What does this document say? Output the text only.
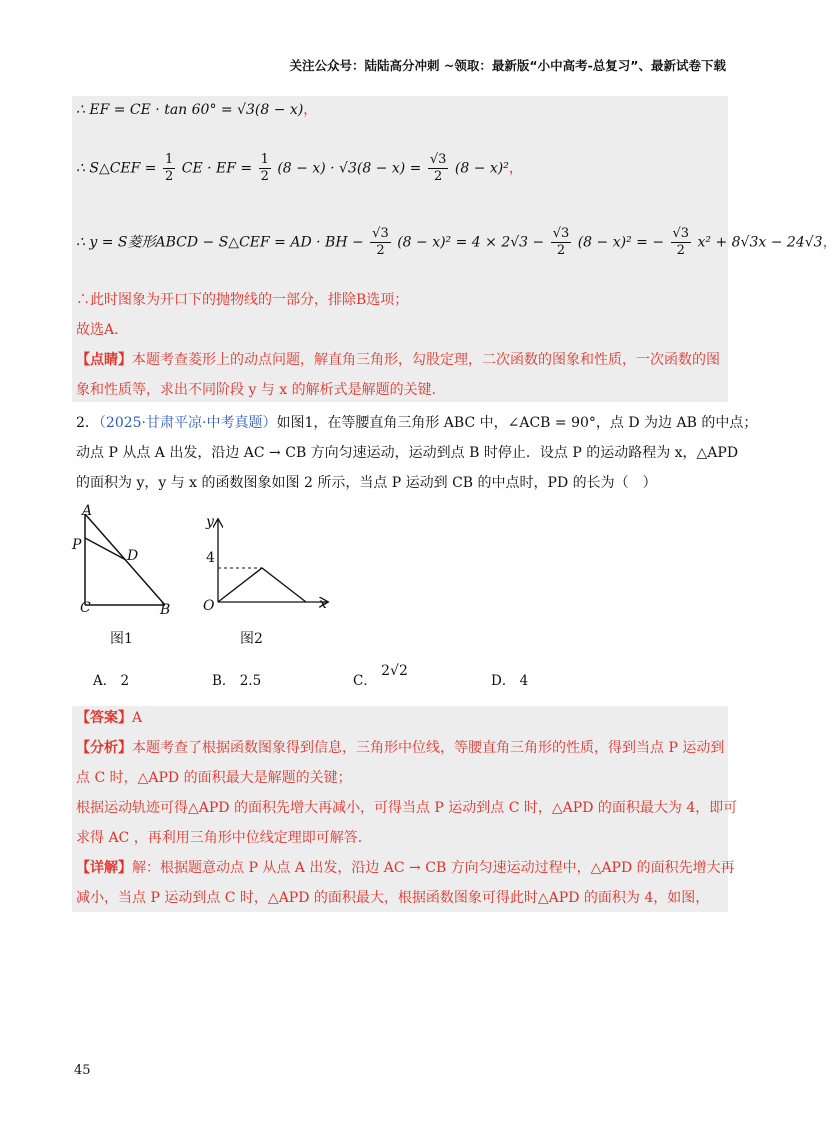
关注公众号：陆陆高分冲刺 ~领取：最新版“小中高考-总复习”、最新试卷下载
∴ EF = CE · tan 60° = √3(8 − x)，
∴ S△CEF = $\frac{1}{2}$ CE · EF = $\frac{1}{2} (8 - x) \cdot √3(8 - x) = \frac{√3}{2} (8 - x)^2$，
∴ y = S菱形ABCD − S△CEF = AD · BH − $\frac{√3}{2} (8 - x)^2 = 4 \times 2√3 - \frac{√3}{2} (8 - x)^2$ = − $\frac{√3}{2} x^2 + 8√3x - 24√3$，
∴此时图象为开口下的抛物线的一部分，排除B选项；
故选A．
【点睛】本题考查菱形上的动点问题，解直角三角形，勾股定理，二次函数的图象和性质，一次函数的图
象和性质等，求出不同阶段 y 与 x 的解析式是解题的关键．
2．（2025·甘肃平凉·中考真题）如图1，在等腰直角三角形 ABC 中，∠ACB = 90°，点 D 为边 AB 的中点；
动点 P 从点 A 出发，沿边 AC → CB 方向匀速运动，运动到点 B 时停止．设点 P 的运动路程为 x，△APD
的面积为 y，y 与 x 的函数图象如图 2 所示，当点 P 运动到 CB 的中点时，PD 的长为（　）
A
P
D
C	B
图1
y
x
O
4
图2
A． 2	B． 2.5	C． 2√2
D． 4
【答案】A
【分析】本题考查了根据函数图象得到信息，三角形中位线，等腰直角三角形的性质，得到当点 P 运动到
点 C 时，△APD 的面积最大是解题的关键；
根据运动轨迹可得△APD 的面积先增大再减小，可得当点 P 运动到点 C 时，△APD 的面积最大为 4，即可
求得 AC ，再利用三角形中位线定理即可解答．
【详解】解：根据题意动点 P 从点 A 出发，沿边 AC → CB 方向匀速运动过程中，△APD 的面积先增大再
减小，当点 P 运动到点 C 时，△APD 的面积最大，根据函数图象可得此时△APD 的面积为 4，如图，
45
